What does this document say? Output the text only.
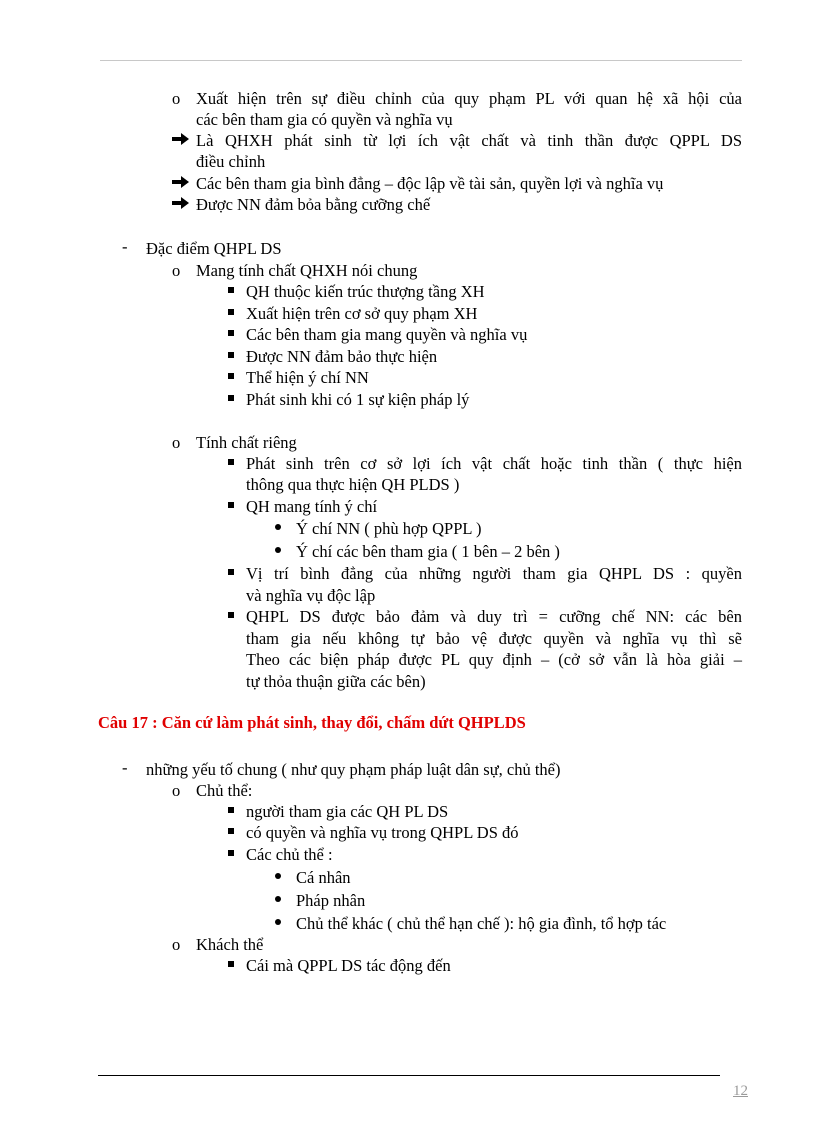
o Xuất hiện trên sự điều chỉnh của quy phạm PL với quan hệ xã hội của
các bên tham gia có quyền và nghĩa vụ
Là QHXH phát sinh từ lợi ích vật chất và tinh thần được QPPL DS
điều chỉnh
Các bên tham gia bình đẳng – độc lập về tài sản, quyền lợi và nghĩa vụ
Được NN đảm bỏa bằng cưỡng chế
- Đặc điểm QHPL DS
o Mang tính chất QHXH nói chung
QH thuộc kiến trúc thượng tầng XH
Xuất hiện trên cơ sở quy phạm XH
Các bên tham gia mang quyền và nghĩa vụ
Được NN đảm bảo thực hiện
Thể hiện ý chí NN
Phát sinh khi có 1 sự kiện pháp lý
o Tính chất riêng
Phát sinh trên cơ sở lợi ích vật chất hoặc tinh thần ( thực hiện
thông qua thực hiện QH PLDS )
QH mang tính ý chí
Ý chí NN ( phù hợp QPPL )
Ý chí các bên tham gia ( 1 bên – 2 bên )
Vị trí bình đẳng của những người tham gia QHPL DS : quyền
và nghĩa vụ độc lập
QHPL DS được bảo đảm và duy trì = cưỡng chế NN: các bên
tham gia nếu không tự bảo vệ được quyền và nghĩa vụ thì sẽ
Theo các biện pháp được PL quy định – (cở sở vẫn là hòa giải –
tự thỏa thuận giữa các bên)
Câu 17 : Căn cứ làm phát sinh, thay đổi, chấm dứt QHPLDS
- những yếu tố chung ( như quy phạm pháp luật dân sự, chủ thể)
o Chủ thể:
người tham gia các QH PL DS
có quyền và nghĩa vụ trong QHPL DS đó
Các chủ thể :
Cá nhân
Pháp nhân
Chủ thể khác ( chủ thể hạn chế ): hộ gia đình, tổ hợp tác
o Khách thể
Cái mà QPPL DS tác động đến
12
